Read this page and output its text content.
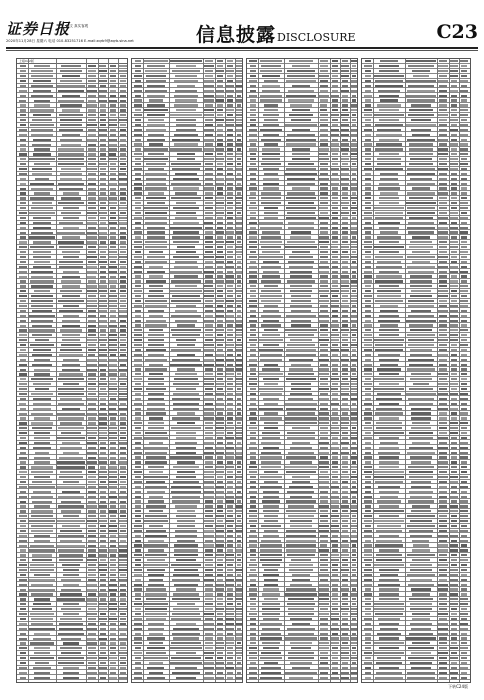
证券日报
图文 真实客观
2020年11月28日 星期六 电话 010-83251716 E-mail:zqrb9@zqrb.sina.net	信息披露DISCLOSURE	C23
上接C22版
下转C24版
